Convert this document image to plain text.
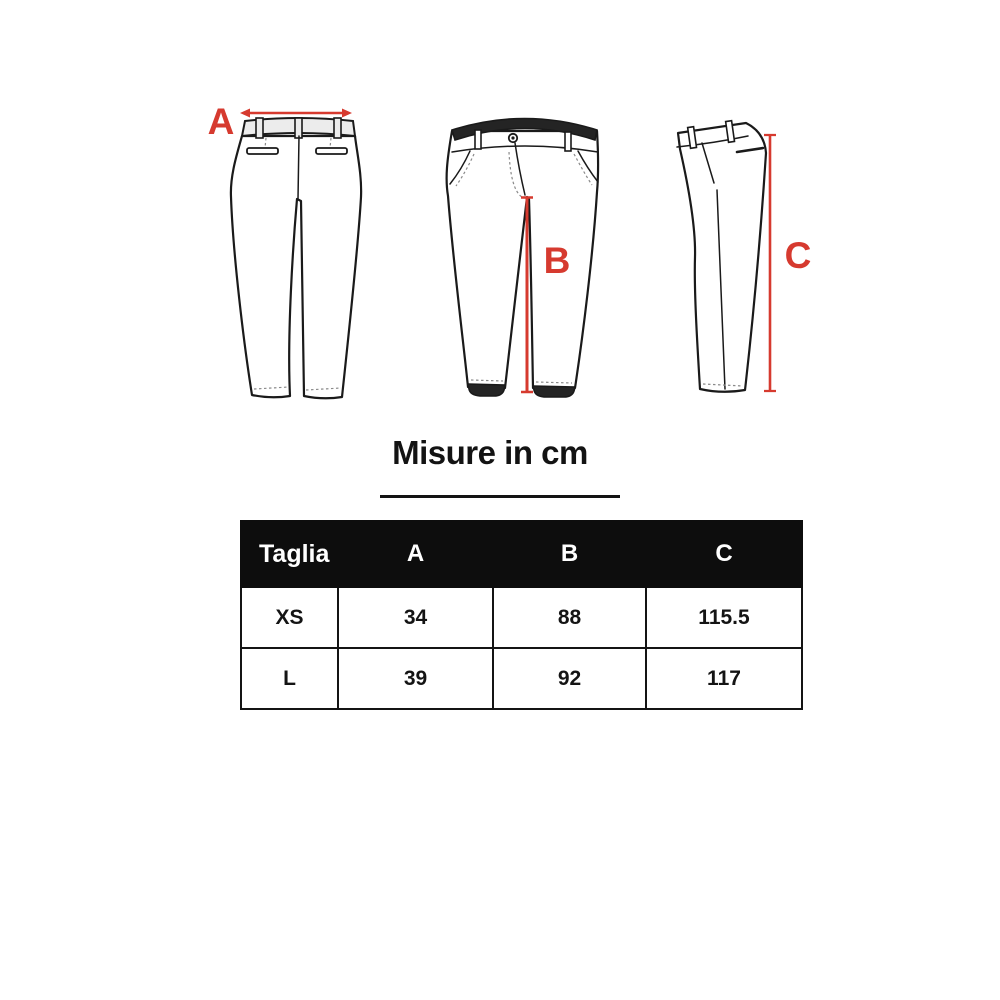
A
B	C
Misure in cm
Taglia	A	B	C
XS	34	88	115.5
L	39	92	117
